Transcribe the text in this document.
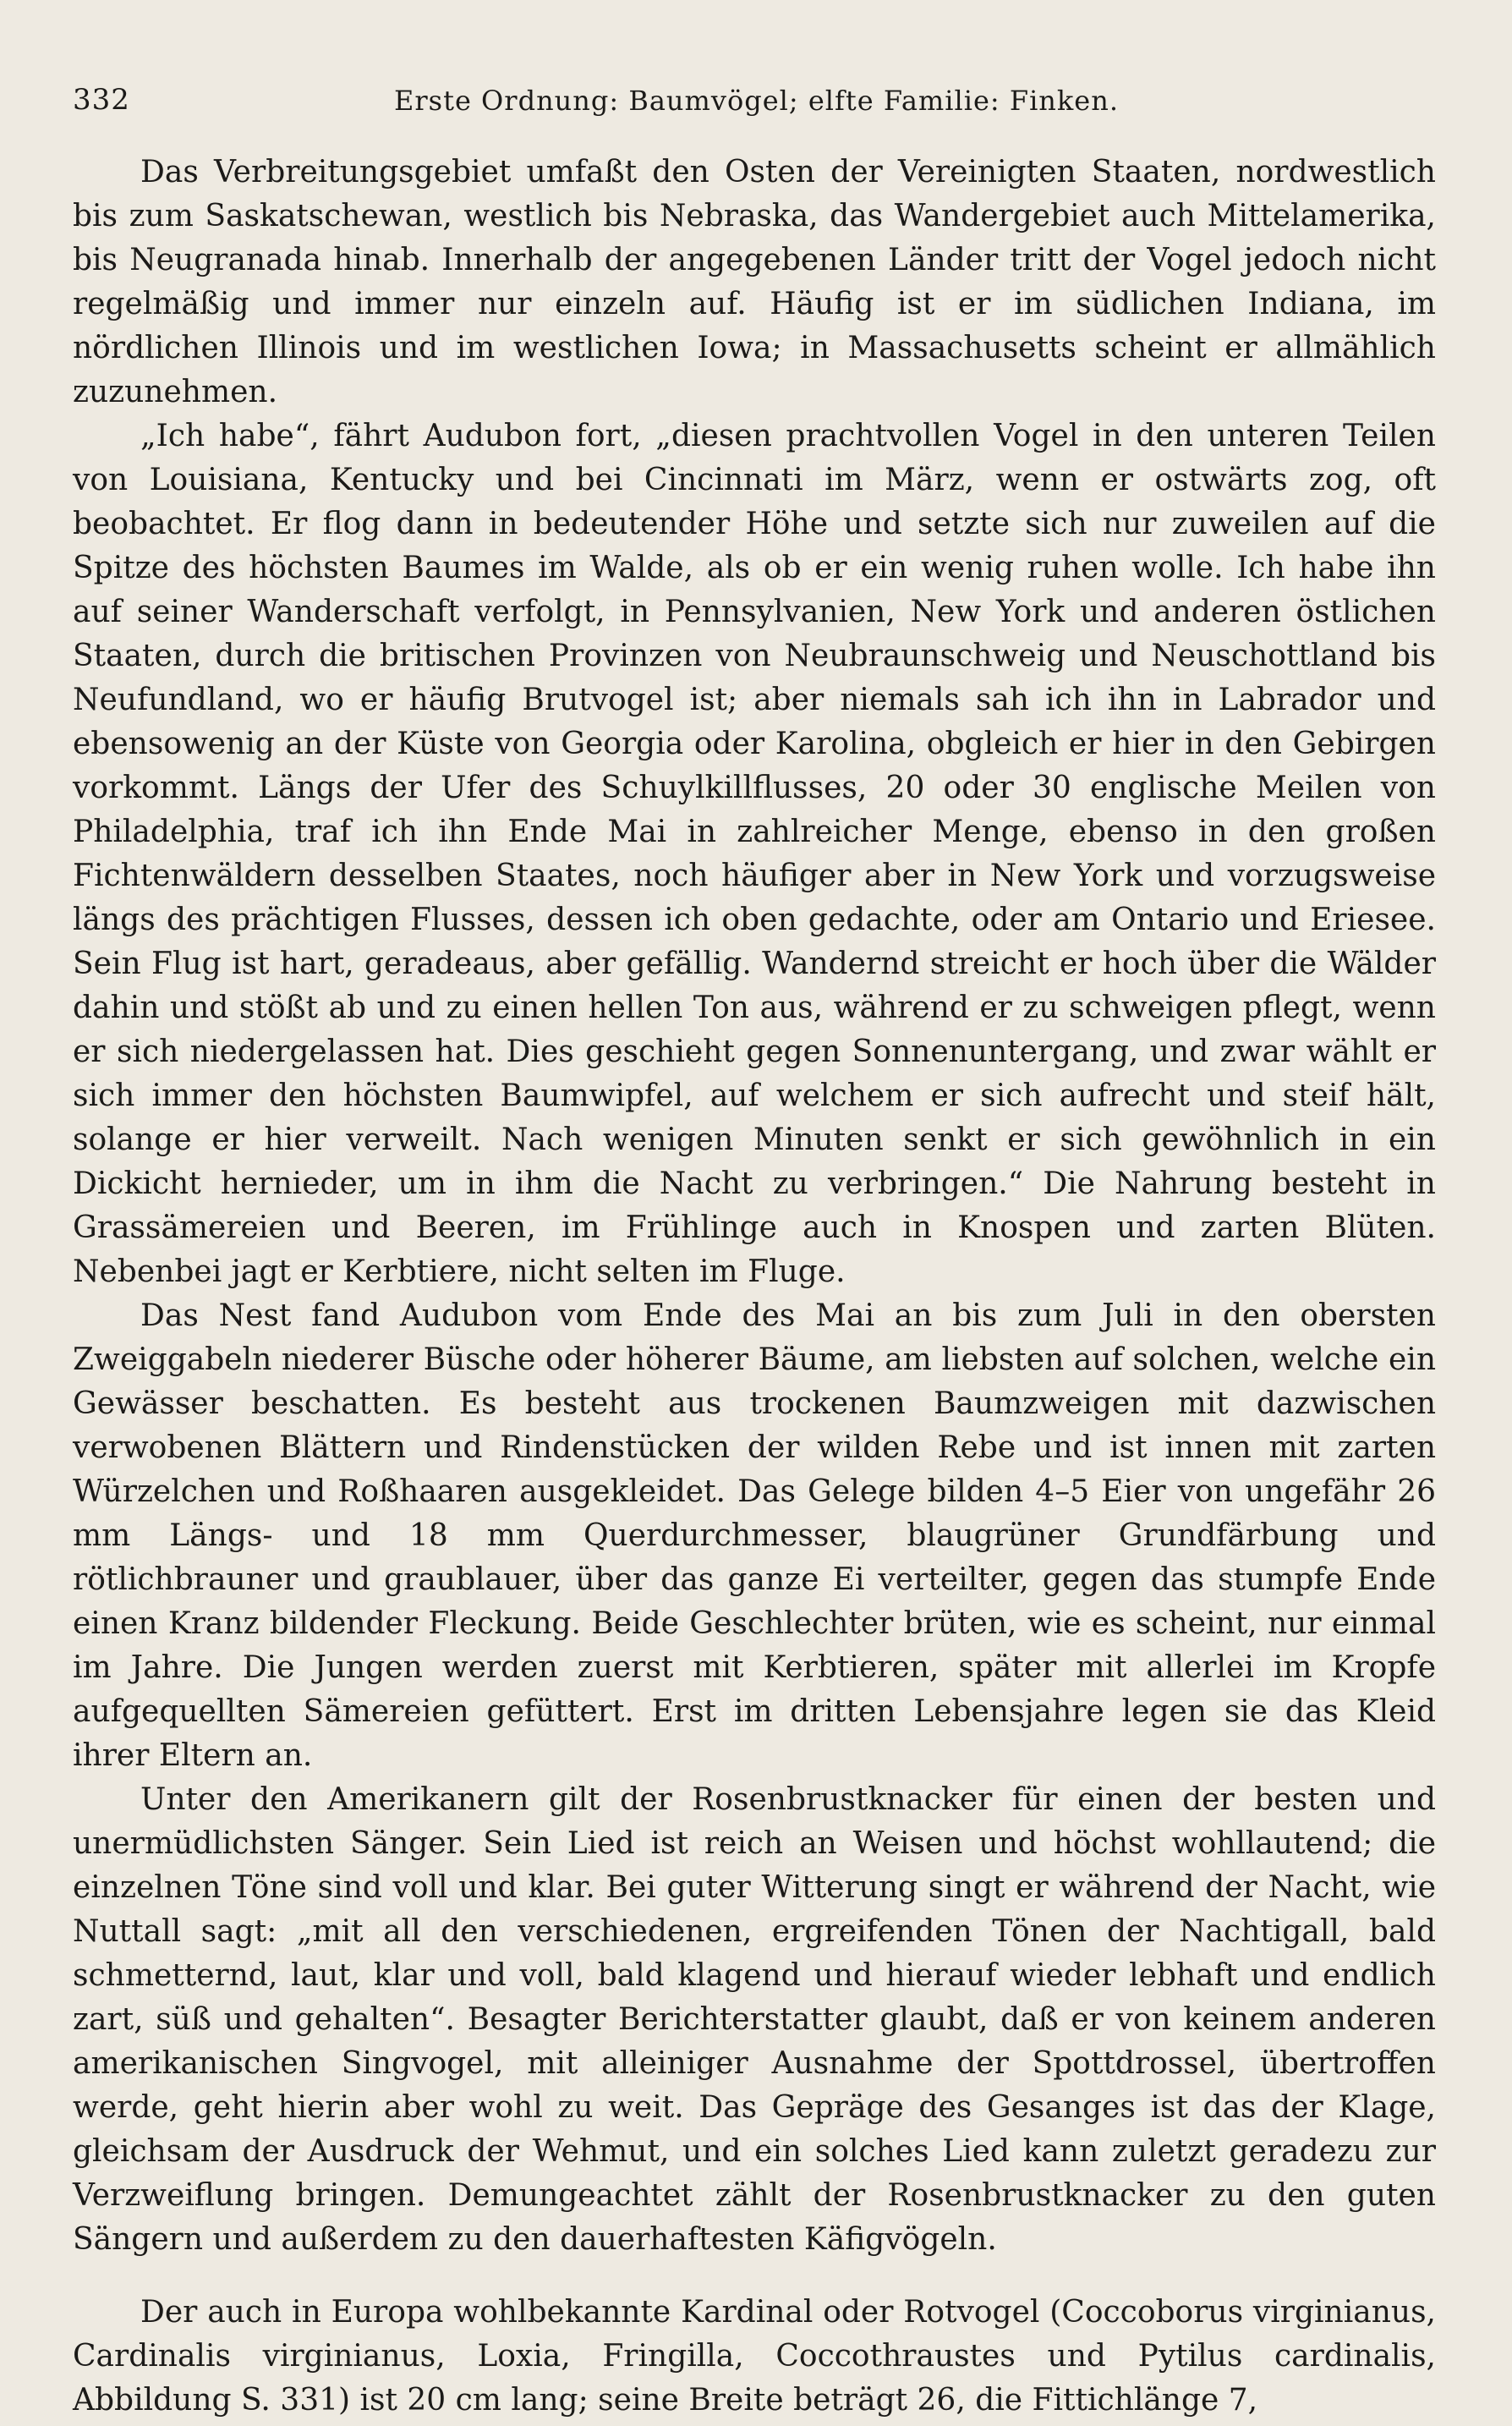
332	Erste Ordnung: Baumvögel; elfte Familie: Finken.

Das Verbreitungsgebiet umfaßt den Osten der Vereinigten Staaten, nordwestlich bis zum Saskatschewan, westlich bis Nebraska, das Wandergebiet auch Mittelamerika, bis Neugranada hinab. Innerhalb der angegebenen Länder tritt der Vogel jedoch nicht regelmäßig und immer nur einzeln auf. Häufig ist er im südlichen Indiana, im nördlichen Illinois und im westlichen Iowa; in Massachusetts scheint er allmählich zuzunehmen.

„Ich habe“, fährt Audubon fort, „diesen prachtvollen Vogel in den unteren Teilen von Louisiana, Kentucky und bei Cincinnati im März, wenn er ostwärts zog, oft beobachtet. Er flog dann in bedeutender Höhe und setzte sich nur zuweilen auf die Spitze des höchsten Baumes im Walde, als ob er ein wenig ruhen wolle. Ich habe ihn auf seiner Wanderschaft verfolgt, in Pennsylvanien, New York und anderen östlichen Staaten, durch die britischen Provinzen von Neubraunschweig und Neuschottland bis Neufundland, wo er häufig Brutvogel ist; aber niemals sah ich ihn in Labrador und ebensowenig an der Küste von Georgia oder Karolina, obgleich er hier in den Gebirgen vorkommt. Längs der Ufer des Schuylkillflusses, 20 oder 30 englische Meilen von Philadelphia, traf ich ihn Ende Mai in zahlreicher Menge, ebenso in den großen Fichtenwäldern desselben Staates, noch häufiger aber in New York und vorzugsweise längs des prächtigen Flusses, dessen ich oben gedachte, oder am Ontario und Eriesee. Sein Flug ist hart, geradeaus, aber gefällig. Wandernd streicht er hoch über die Wälder dahin und stößt ab und zu einen hellen Ton aus, während er zu schweigen pflegt, wenn er sich niedergelassen hat. Dies geschieht gegen Sonnenuntergang, und zwar wählt er sich immer den höchsten Baumwipfel, auf welchem er sich aufrecht und steif hält, solange er hier verweilt. Nach wenigen Minuten senkt er sich gewöhnlich in ein Dickicht hernieder, um in ihm die Nacht zu verbringen.“ Die Nahrung besteht in Grassämereien und Beeren, im Frühlinge auch in Knospen und zarten Blüten. Nebenbei jagt er Kerbtiere, nicht selten im Fluge.

Das Nest fand Audubon vom Ende des Mai an bis zum Juli in den obersten Zweiggabeln niederer Büsche oder höherer Bäume, am liebsten auf solchen, welche ein Gewässer beschatten. Es besteht aus trockenen Baumzweigen mit dazwischen verwobenen Blättern und Rindenstücken der wilden Rebe und ist innen mit zarten Würzelchen und Roßhaaren ausgekleidet. Das Gelege bilden 4–5 Eier von ungefähr 26 mm Längs- und 18 mm Querdurchmesser, blaugrüner Grundfärbung und rötlichbrauner und graublauer, über das ganze Ei verteilter, gegen das stumpfe Ende einen Kranz bildender Fleckung. Beide Geschlechter brüten, wie es scheint, nur einmal im Jahre. Die Jungen werden zuerst mit Kerbtieren, später mit allerlei im Kropfe aufgequellten Sämereien gefüttert. Erst im dritten Lebensjahre legen sie das Kleid ihrer Eltern an.

Unter den Amerikanern gilt der Rosenbrustknacker für einen der besten und unermüdlichsten Sänger. Sein Lied ist reich an Weisen und höchst wohllautend; die einzelnen Töne sind voll und klar. Bei guter Witterung singt er während der Nacht, wie Nuttall sagt: „mit all den verschiedenen, ergreifenden Tönen der Nachtigall, bald schmetternd, laut, klar und voll, bald klagend und hierauf wieder lebhaft und endlich zart, süß und gehalten“. Besagter Berichterstatter glaubt, daß er von keinem anderen amerikanischen Singvogel, mit alleiniger Ausnahme der Spottdrossel, übertroffen werde, geht hierin aber wohl zu weit. Das Gepräge des Gesanges ist das der Klage, gleichsam der Ausdruck der Wehmut, und ein solches Lied kann zuletzt geradezu zur Verzweiflung bringen. Demungeachtet zählt der Rosenbrustknacker zu den guten Sängern und außerdem zu den dauerhaftesten Käfigvögeln.

Der auch in Europa wohlbekannte Kardinal oder Rotvogel (Coccoborus virginianus, Cardinalis virginianus, Loxia, Fringilla, Coccothraustes und Pytilus cardinalis, Abbildung S. 331) ist 20 cm lang; seine Breite beträgt 26, die Fittichlänge 7,
